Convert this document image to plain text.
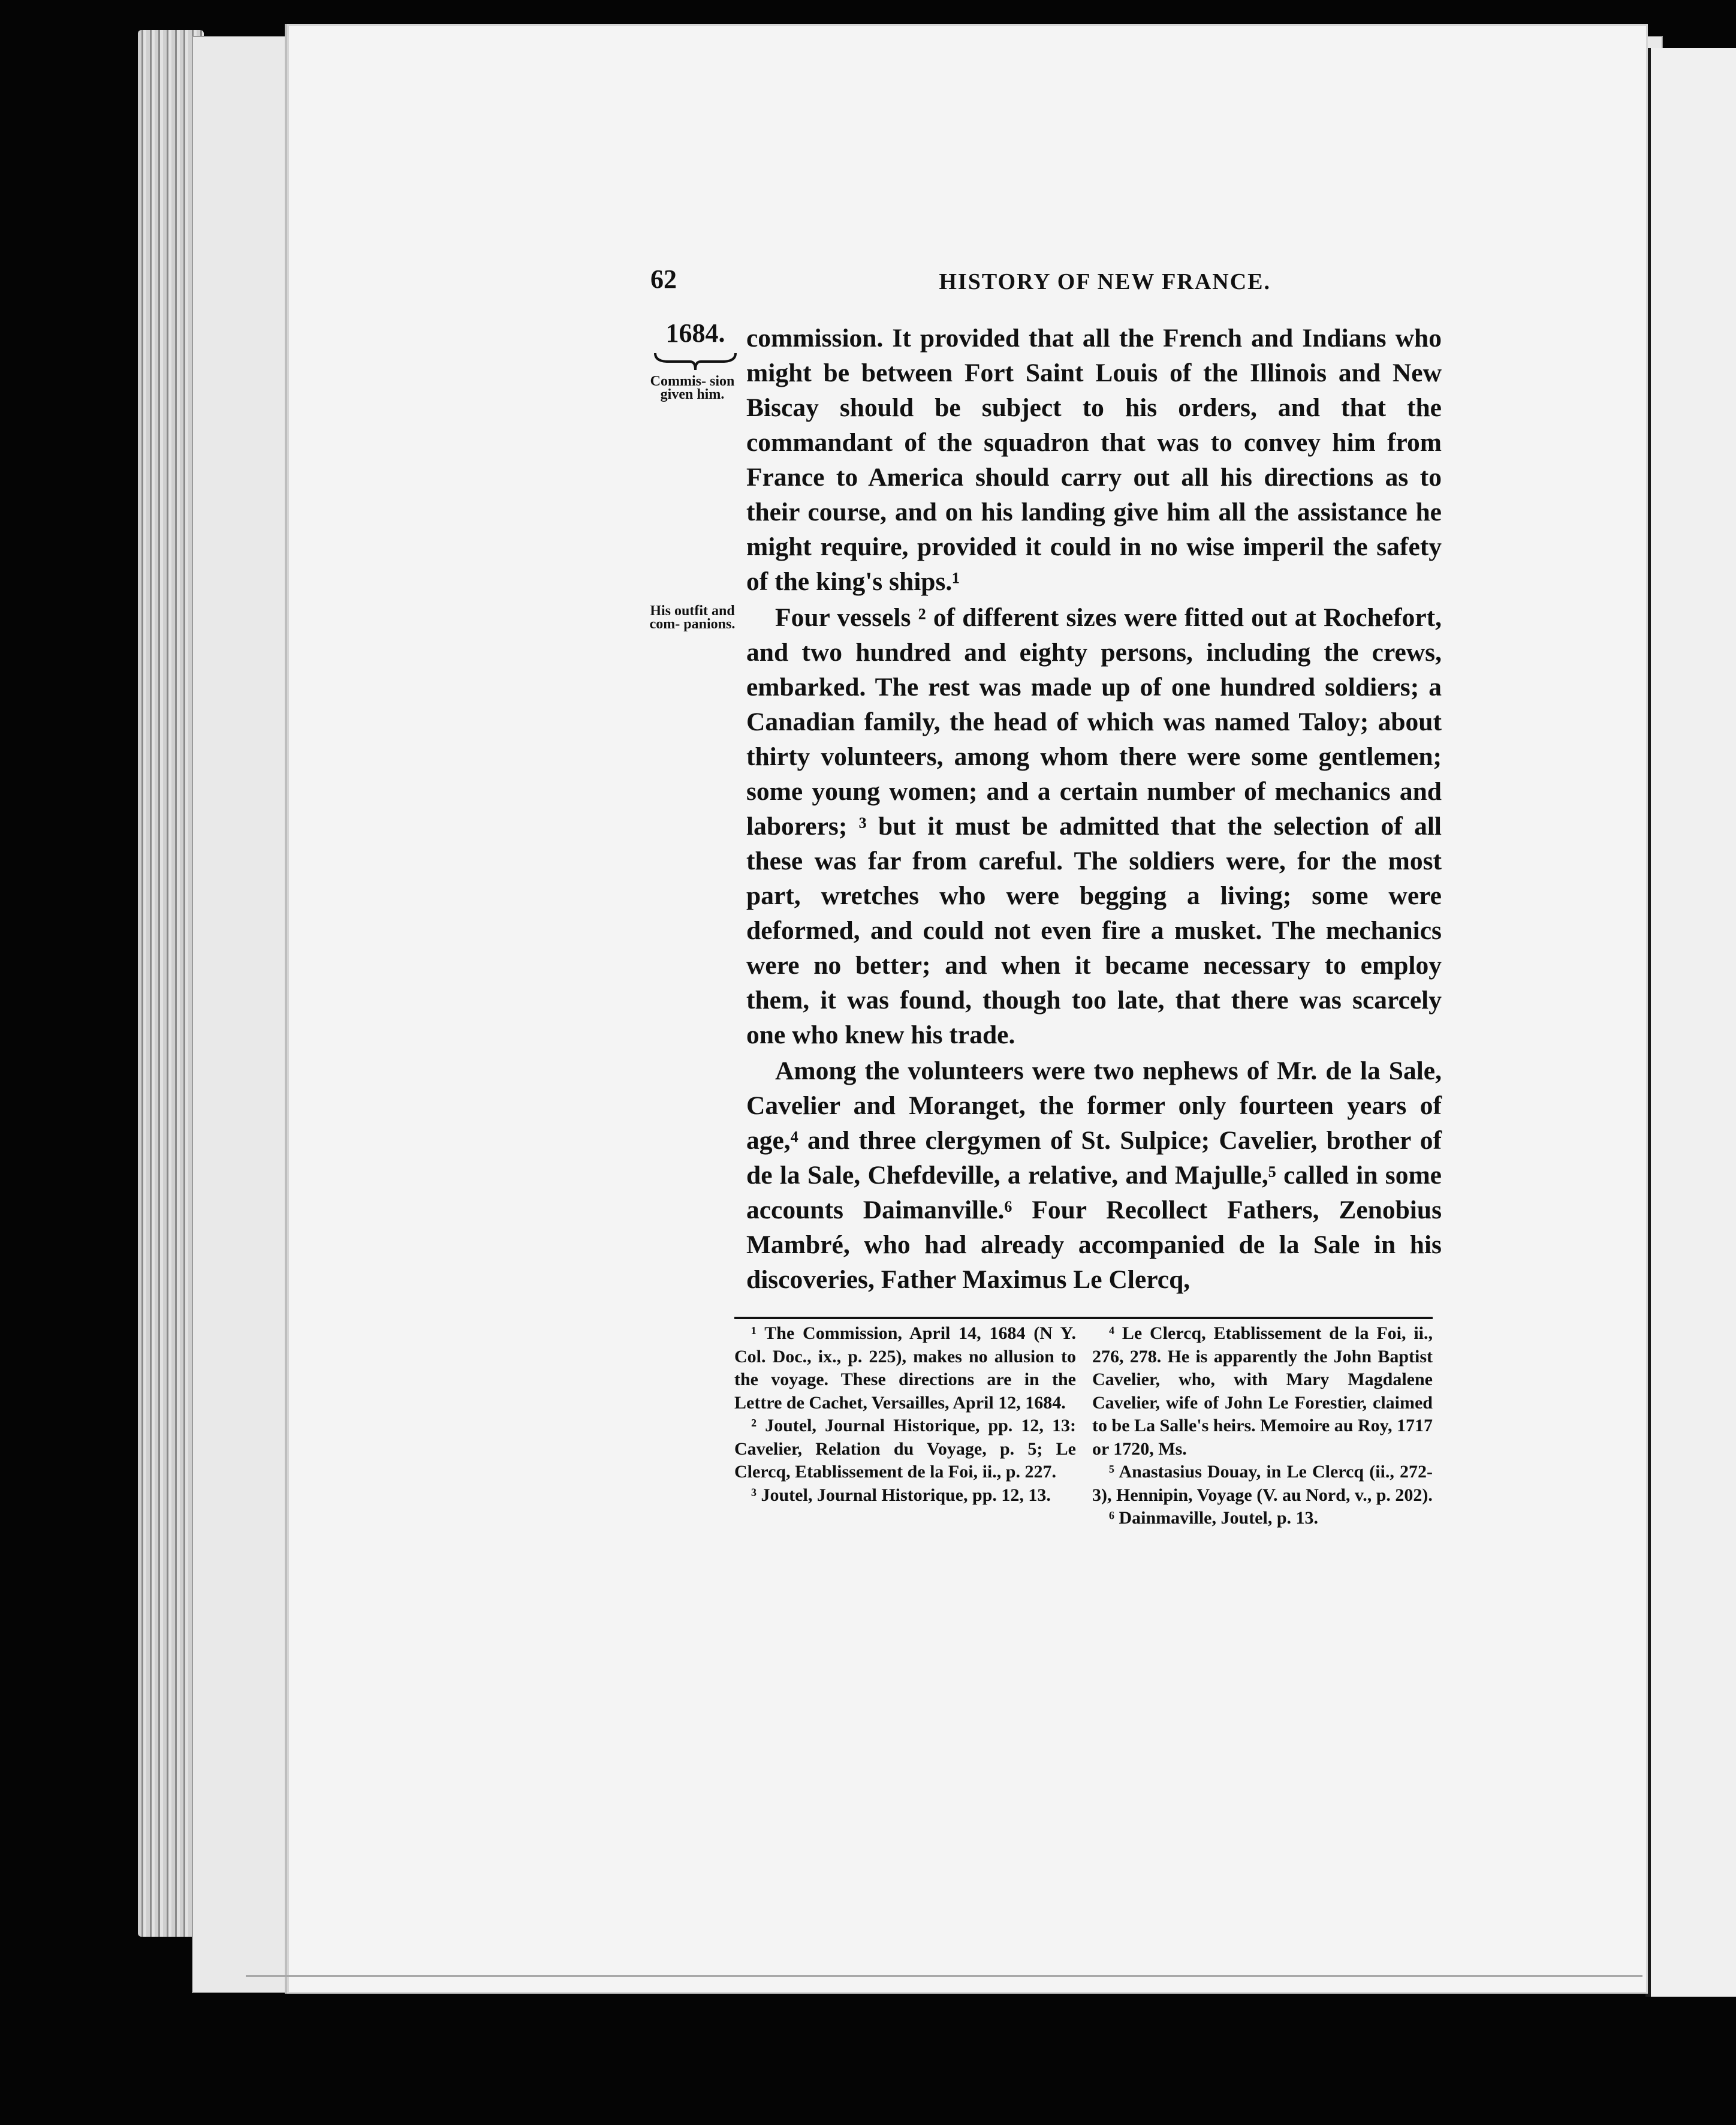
62	HISTORY OF NEW FRANCE.
1684.
Commis- sion given him.
His outfit and com- panions.

commission. It provided that all the French and Indians who might be between Fort Saint Louis of the Illinois and New Biscay should be subject to his orders, and that the commandant of the squadron that was to convey him from France to America should carry out all his directions as to their course, and on his landing give him all the assistance he might require, provided it could in no wise imperil the safety of the king's ships.¹

Four vessels ² of different sizes were fitted out at Rochefort, and two hundred and eighty persons, including the crews, embarked. The rest was made up of one hundred soldiers; a Canadian family, the head of which was named Taloy; about thirty volunteers, among whom there were some gentlemen; some young women; and a certain number of mechanics and laborers; ³ but it must be admitted that the selection of all these was far from careful. The soldiers were, for the most part, wretches who were begging a living; some were deformed, and could not even fire a musket. The mechanics were no better; and when it became necessary to employ them, it was found, though too late, that there was scarcely one who knew his trade.

Among the volunteers were two nephews of Mr. de la Sale, Cavelier and Moranget, the former only fourteen years of age,⁴ and three clergymen of St. Sulpice; Cavelier, brother of de la Sale, Chefdeville, a relative, and Majulle,⁵ called in some accounts Daimanville.⁶ Four Recollect Fathers, Zenobius Mambré, who had already accompanied de la Sale in his discoveries, Father Maximus Le Clercq,

¹ The Commission, April 14, 1684 (N Y. Col. Doc., ix., p. 225), makes no allusion to the voyage. These directions are in the Lettre de Cachet, Versailles, April 12, 1684.

² Joutel, Journal Historique, pp. 12, 13: Cavelier, Relation du Voyage, p. 5; Le Clercq, Etablissement de la Foi, ii., p. 227.

³ Joutel, Journal Historique, pp. 12, 13.

⁴ Le Clercq, Etablissement de la Foi, ii., 276, 278. He is apparently the John Baptist Cavelier, who, with Mary Magdalene Cavelier, wife of John Le Forestier, claimed to be La Salle's heirs. Memoire au Roy, 1717 or 1720, Ms.

⁵ Anastasius Douay, in Le Clercq (ii., 272-3), Hennipin, Voyage (V. au Nord, v., p. 202).

⁶ Dainmaville, Joutel, p. 13.
